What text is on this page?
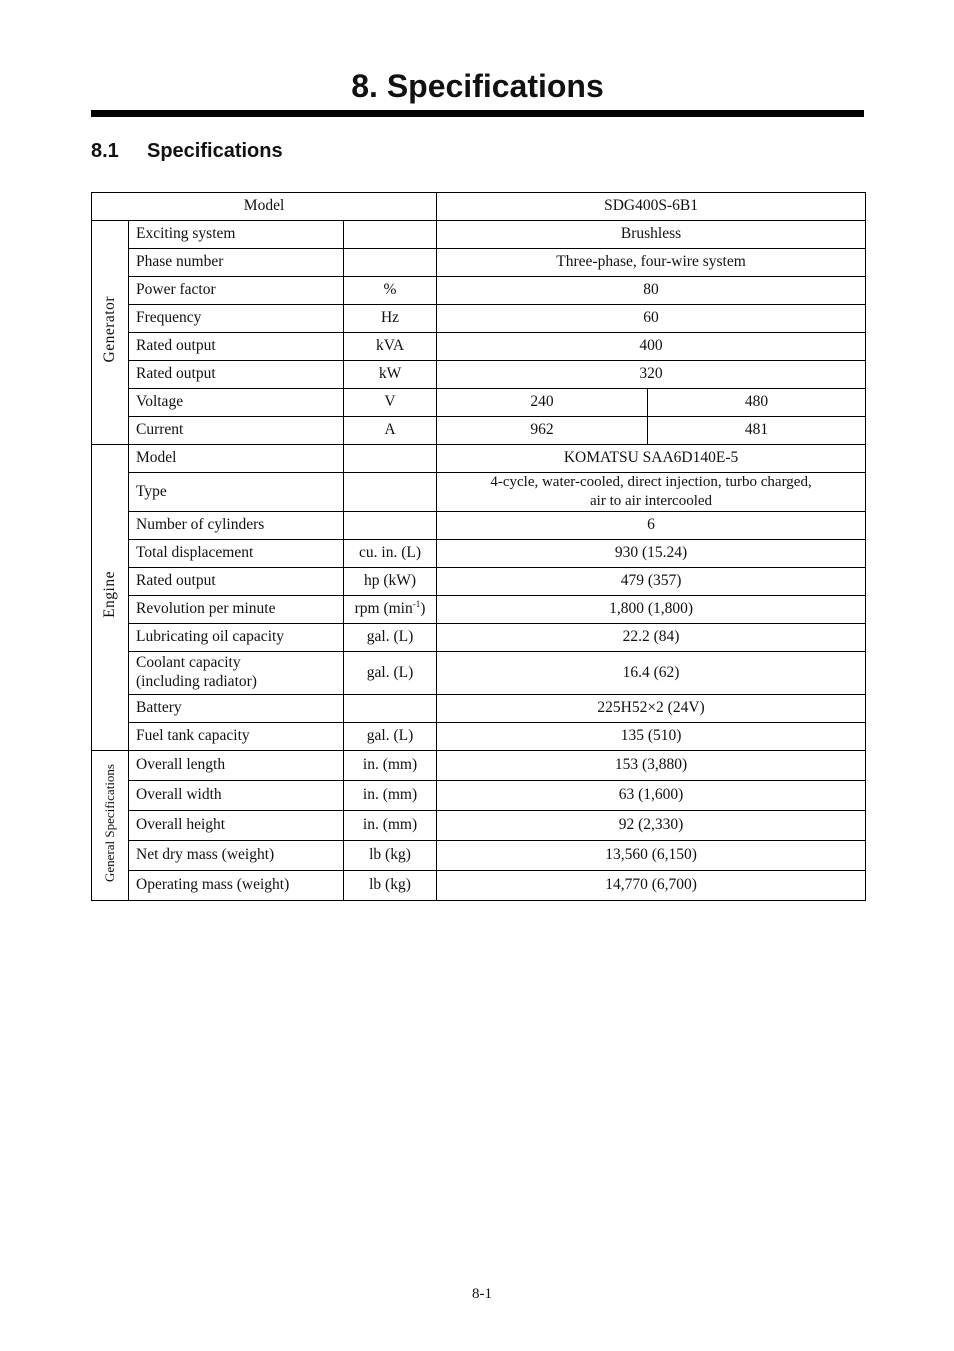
8. Specifications
8.1 Specifications
Model			SDG400S-6B1	
Generator	Exciting system		Brushless	
	Phase number		Three-phase, four-wire system	
	Power factor	%	80	
	Frequency	Hz	60	
	Rated output	kVA	400	
	Rated output	kW	320	
	Voltage	V	240	480
	Current	A	962	481
Engine	Model		KOMATSU SAA6D140E-5	
	Type		4-cycle, water-cooled, direct injection, turbo charged,
air to air intercooled	
	Number of cylinders		6	
	Total displacement	cu. in. (L)	930 (15.24)	
	Rated output	hp (kW)	479 (357)	
	Revolution per minute	rpm $(\min^{-1})$	1,800 (1,800)	
	Lubricating oil capacity	gal. (L)	22.2 (84)	
	Coolant capacity
(including radiator)	gal. (L)	16.4 (62)	
	Battery		225H52×2 (24V)	
	Fuel tank capacity	gal. (L)	135 (510)	
General Specifications	Overall length	in. (mm)	153 (3,880)	
	Overall width	in. (mm)	63 (1,600)	
	Overall height	in. (mm)	92 (2,330)	
	Net dry mass (weight)	lb (kg)	13,560 (6,150)	
	Operating mass (weight)	lb (kg)	14,770 (6,700)	
8-1
